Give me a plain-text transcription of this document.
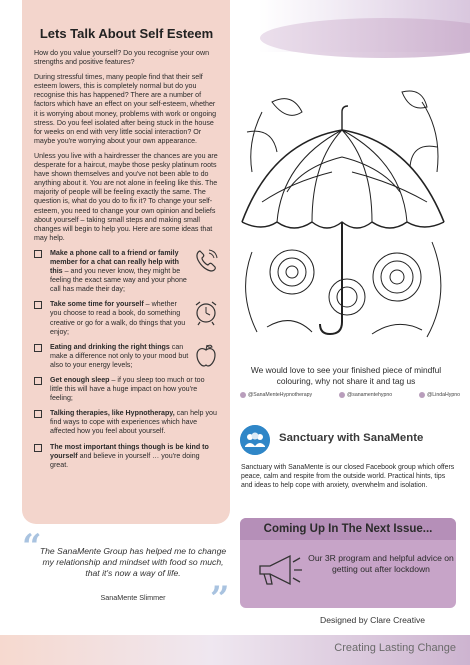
Lets Talk About Self Esteem

How do you value yourself? Do you recognise your own strengths and positive features?

During stressful times, many people find that their self esteem lowers, this is completely normal but do you recognise this has happened? There are a number of factors which have an effect on your self-esteem, whether it is worrying about money, problems with work or ongoing stress. Do you feel isolated after being stuck in the house for weeks on end with very little social interaction? Or maybe you're worrying about your own appearance.

Unless you live with a hairdresser the chances are you are desperate for a haircut, maybe those pesky platinum roots have shown themselves and you've not been able to do anything about it. You are not alone in feeling like this. The majority of people will be feeling exactly the same. The question is, what do you do to fix it? To change your self-esteem, you need to change your own opinion and beliefs about yourself – taking small steps and making small changes will begin to help you. Here are some ideas that may help.

Make a phone call to a friend or family member for a chat can really help with this – and you never know, they might be feeling the exact same way and your phone call has made their day;
Take some time for yourself – whether you choose to read a book, do something creative or go for a walk, do things that you enjoy;
Eating and drinking the right things can make a difference not only to your mood but also to your energy levels;
Get enough sleep – if you sleep too much or too little this will have a huge impact on how you're feeling;
Talking therapies, like Hypnotherapy, can help you find ways to cope with experiences which have affected how you feel about yourself.
The most important things though is be kind to yourself and believe in yourself … you're doing great.
“
The SanaMente Group has helped me to change my relationship and mindset with food so much, that it's now a way of life.
SanaMente Slimmer	”
We would love to see your finished piece of mindful colouring, why not share it and tag us
@SanaMenteHypnotherapy	@sanamentehypno	@LindaHypno
Sanctuary with SanaMente
Sanctuary with SanaMente is our closed Facebook group which offers peace, calm and respite from the outside world. Practical hints, tips and ideas to help cope with anxiety, overwhelm and isolation.
Coming Up In The Next Issue...
Our 3R program and helpful advice on getting out after lockdown
Designed by Clare Creative
Creating Lasting Change
